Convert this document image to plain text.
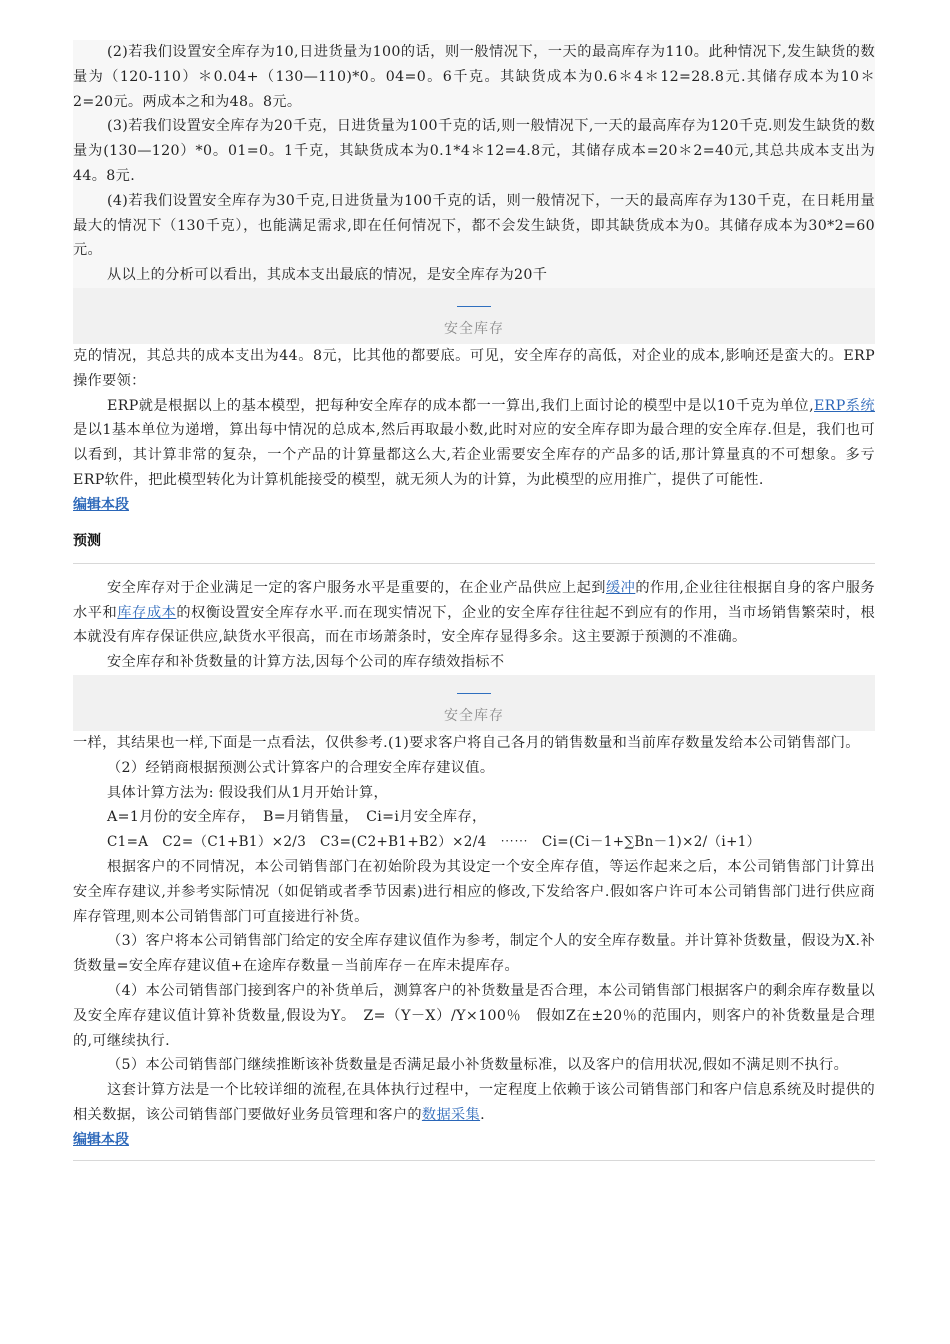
(2)若我们设置安全库存为10,日进货量为100的话，则一般情况下，一天的最高库存为110。此种情况下,发生缺货的数量为（120-110）＊0.04+（130—110)*0。04=0。6千克。其缺货成本为0.6＊4＊12=28.8元.其储存成本为10＊2=20元。两成本之和为48。8元。

(3)若我们设置安全库存为20千克，日进货量为100千克的话,则一般情况下,一天的最高库存为120千克.则发生缺货的数量为(130—120）*0。01=0。1千克，其缺货成本为0.1*4＊12=4.8元，其储存成本=20＊2=40元,其总共成本支出为44。8元.

(4)若我们设置安全库存为30千克,日进货量为100千克的话，则一般情况下，一天的最高库存为130千克，在日耗用量最大的情况下（130千克），也能满足需求,即在任何情况下，都不会发生缺货，即其缺货成本为0。其储存成本为30*2=60元。

从以上的分析可以看出，其成本支出最底的情况，是安全库存为20千

安全库存

克的情况，其总共的成本支出为44。8元，比其他的都要底。可见，安全库存的高低，对企业的成本,影响还是蛮大的。ERP操作要领：

ERP就是根据以上的基本模型，把每种安全库存的成本都一一算出,我们上面讨论的模型中是以10千克为单位,ERP系统是以1基本单位为递增，算出每中情况的总成本,然后再取最小数,此时对应的安全库存即为最合理的安全库存.但是，我们也可以看到，其计算非常的复杂，一个产品的计算量都这么大,若企业需要安全库存的产品多的话,那计算量真的不可想象。多亏ERP软件，把此模型转化为计算机能接受的模型，就无须人为的计算，为此模型的应用推广，提供了可能性.

编辑本段

预测

安全库存对于企业满足一定的客户服务水平是重要的，在企业产品供应上起到缓冲的作用,企业往往根据自身的客户服务水平和库存成本的权衡设置安全库存水平.而在现实情况下，企业的安全库存往往起不到应有的作用，当市场销售繁荣时，根本就没有库存保证供应,缺货水平很高，而在市场萧条时，安全库存显得多余。这主要源于预测的不准确。

安全库存和补货数量的计算方法,因每个公司的库存绩效指标不

安全库存

一样，其结果也一样,下面是一点看法，仅供参考.(1)要求客户将自己各月的销售数量和当前库存数量发给本公司销售部门。

（2）经销商根据预测公式计算客户的合理安全库存建议值。

具体计算方法为: 假设我们从1月开始计算，

A=1月份的安全库存，　B=月销售量，　Ci=i月安全库存，

C1=A　C2=（C1+B1）×2/3　C3=(C2+B1+B2）×2/4　⋯⋯　Ci=(Ci－1+∑Bn－1)×2/（i+1）

根据客户的不同情况，本公司销售部门在初始阶段为其设定一个安全库存值，等运作起来之后，本公司销售部门计算出安全库存建议,并参考实际情况（如促销或者季节因素)进行相应的修改,下发给客户.假如客户许可本公司销售部门进行供应商库存管理,则本公司销售部门可直接进行补货。

（3）客户将本公司销售部门给定的安全库存建议值作为参考，制定个人的安全库存数量。并计算补货数量，假设为X.补货数量=安全库存建议值+在途库存数量－当前库存－在库未提库存。

（4）本公司销售部门接到客户的补货单后，测算客户的补货数量是否合理，本公司销售部门根据客户的剩余库存数量以及安全库存建议值计算补货数量,假设为Y。　Z=（Y－X）/Y×100％　假如Z在±20％的范围内，则客户的补货数量是合理的,可继续执行.

（5）本公司销售部门继续推断该补货数量是否满足最小补货数量标准，以及客户的信用状况,假如不满足则不执行。

这套计算方法是一个比较详细的流程,在具体执行过程中，一定程度上依赖于该公司销售部门和客户信息系统及时提供的相关数据，该公司销售部门要做好业务员管理和客户的数据采集.

编辑本段
